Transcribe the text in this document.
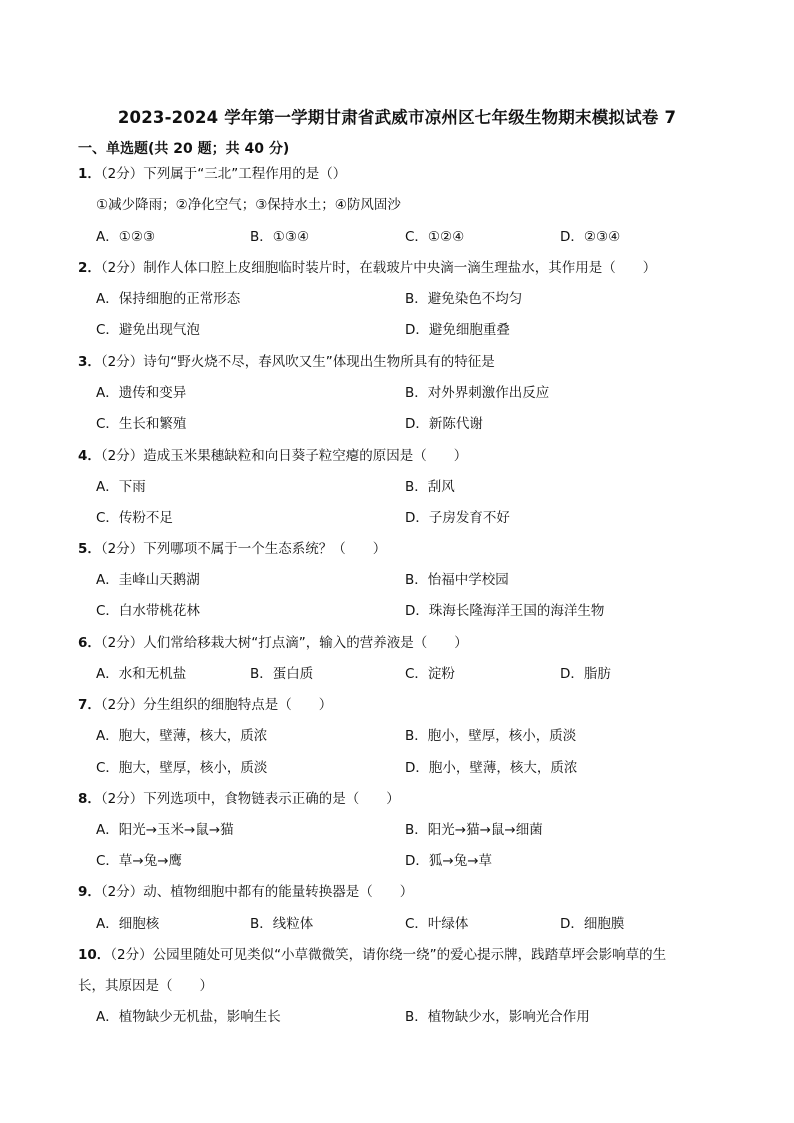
2023-2024 学年第一学期甘肃省武威市凉州区七年级生物期末模拟试卷 7
一、单选题(共 20 题；共 40 分)
1．（2分）下列属于“三北”工程作用的是（）
①减少降雨；②净化空气；③保持水土；④防风固沙
A．①②③	B．①③④	C．①②④	D．②③④
2．（2分）制作人体口腔上皮细胞临时装片时，在载玻片中央滴一滴生理盐水，其作用是（　　）
A．保持细胞的正常形态	B．避免染色不均匀
C．避免出现气泡	D．避免细胞重叠
3．（2分）诗句“野火烧不尽，春风吹又生”体现出生物所具有的特征是
A．遗传和变异	B．对外界刺激作出反应
C．生长和繁殖	D．新陈代谢
4．（2分）造成玉米果穗缺粒和向日葵子粒空瘪的原因是（　　）
A．下雨	B．刮风
C．传粉不足	D．子房发育不好
5．（2分）下列哪项不属于一个生态系统？（　　）
A．圭峰山天鹅湖	B．怡福中学校园
C．白水带桃花林	D．珠海长隆海洋王国的海洋生物
6．（2分）人们常给移栽大树“打点滴”，输入的营养液是（　　）
A．水和无机盐	B．蛋白质	C．淀粉	D．脂肪
7．（2分）分生组织的细胞特点是（　　）
A．胞大，壁薄，核大，质浓	B．胞小，壁厚，核小，质淡
C．胞大，壁厚，核小，质淡	D．胞小，壁薄，核大，质浓
8．（2分）下列选项中，食物链表示正确的是（　　）
A．阳光→玉米→鼠→猫	B．阳光→猫→鼠→细菌
C．草→兔→鹰	D．狐→兔→草
9．（2分）动、植物细胞中都有的能量转换器是（　　）
A．细胞核	B．线粒体	C．叶绿体	D．细胞膜
10．（2分）公园里随处可见类似“小草微微笑，请你绕一绕”的爱心提示牌，践踏草坪会影响草的生
长，其原因是（　　）
A．植物缺少无机盐，影响生长	B．植物缺少水，影响光合作用
